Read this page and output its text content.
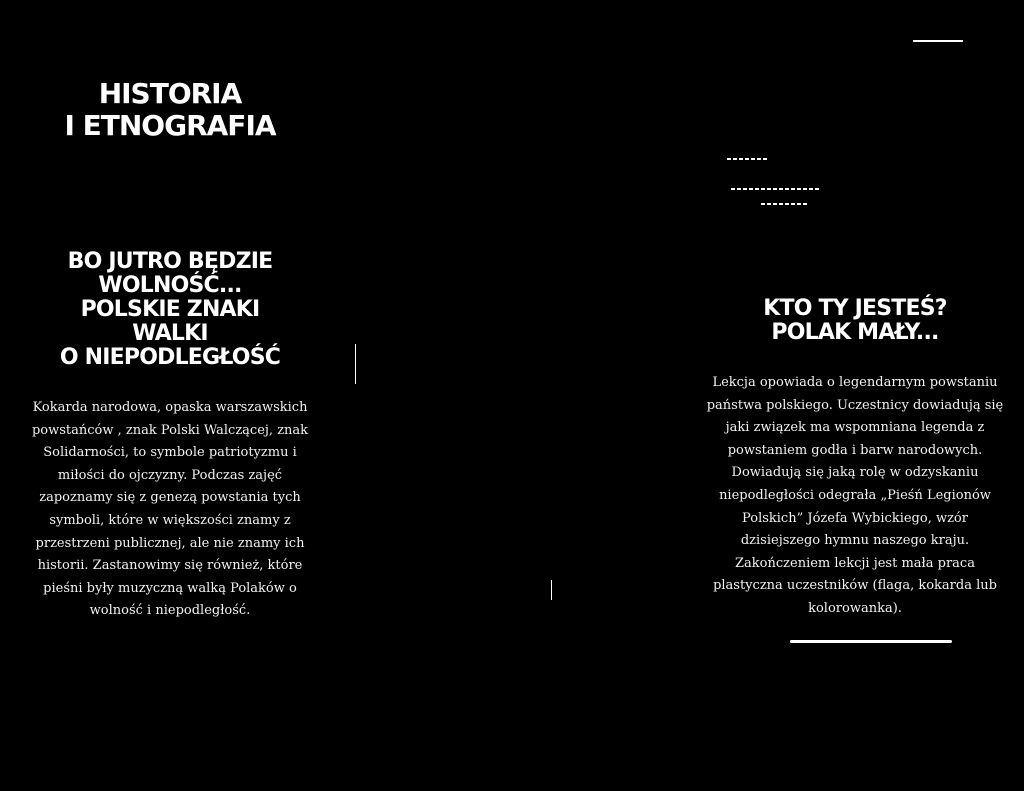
HISTORIA
I ETNOGRAFIA
BO JUTRO BĘDZIE
WOLNOŚĆ...
POLSKIE ZNAKI
WALKI
O NIEPODLEGŁOŚĆ
Kokarda narodowa, opaska warszawskich
powstańców , znak Polski Walczącej, znak
Solidarności, to symbole patriotyzmu i
miłości do ojczyzny. Podczas zajęć
zapoznamy się z genezą powstania tych
symboli, które w większości znamy z
przestrzeni publicznej, ale nie znamy ich
historii. Zastanowimy się również, które
pieśni były muzyczną walką Polaków o
wolność i niepodległość.
KTO TY JESTEŚ?
POLAK MAŁY...
Lekcja opowiada o legendarnym powstaniu
państwa polskiego. Uczestnicy dowiadują się
jaki związek ma wspomniana legenda z
powstaniem godła i barw narodowych.
Dowiadują się jaką rolę w odzyskaniu
niepodległości odegrała „Pieśń Legionów
Polskich” Józefa Wybickiego, wzór
dzisiejszego hymnu naszego kraju.
Zakończeniem lekcji jest mała praca
plastyczna uczestników (flaga, kokarda lub
kolorowanka).
